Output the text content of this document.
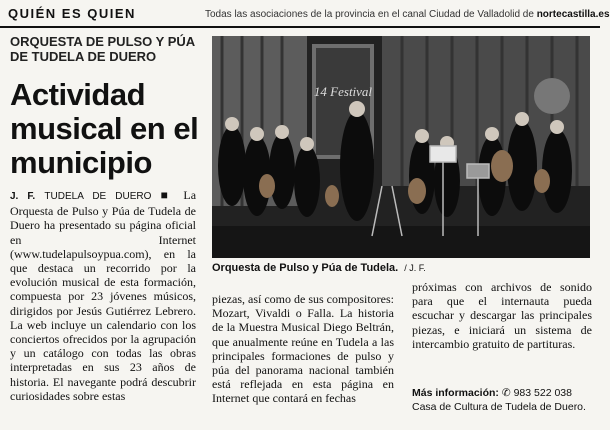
QUIÉN ES QUIEN	Todas las asociaciones de la provincia en el canal Ciudad de Valladolid de nortecastilla.es
ORQUESTA DE PULSO Y PÚA DE TUDELA DE DUERO
Actividad musical en el municipio
14 Festival
Orquesta de Pulso y Púa de Tudela. / J. F.
J. F. TUDELA DE DUERO ■ La Orquesta de Pulso y Púa de Tudela de Duero ha presentado su página oficial en Internet (www.tudelapulsoypua.com), en la que destaca un recorrido por la evolución musical de esta formación, compuesta por 23 jóvenes músicos, dirigidos por Jesús Gutiérrez Lebrero. La web incluye un calendario con los conciertos ofrecidos por la agrupación y un catálogo con todas las obras interpretadas en sus 23 años de historia. El navegante podrá descubrir curiosidades sobre estas
piezas, así como de sus compositores: Mozart, Vivaldi o Falla. La historia de la Muestra Musical Diego Beltrán, que anualmente reúne en Tudela a las principales formaciones de pulso y púa del panorama nacional también está reflejada en esta página en Internet que contará en fechas
próximas con archivos de sonido para que el internauta pueda escuchar y descargar las principales piezas, e iniciará un sistema de intercambio gratuito de partituras.
Más información: ✆ 983 522 038
Casa de Cultura de Tudela de Duero.
